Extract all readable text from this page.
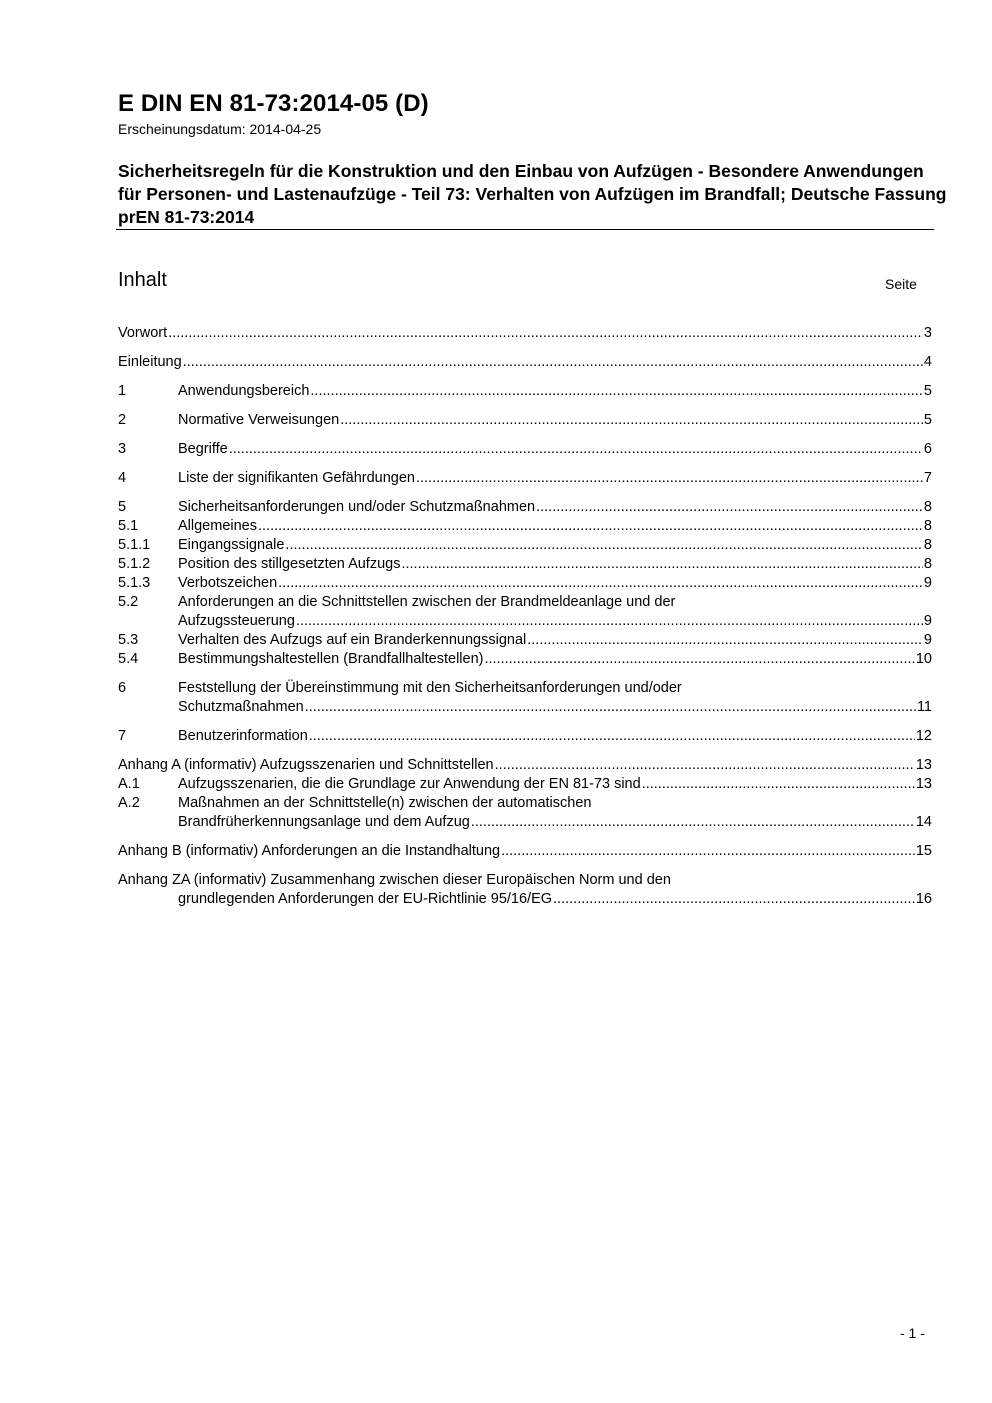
E DIN EN 81-73:2014-05 (D)
Erscheinungsdatum: 2014-04-25
Sicherheitsregeln für die Konstruktion und den Einbau von Aufzügen - Besondere Anwendungen für Personen- und Lastenaufzüge - Teil 73: Verhalten von Aufzügen im Brandfall; Deutsche Fassung prEN 81-73:2014
Inhalt	Seite
Vorwort .....	3
Einleitung .....	4
1	Anwendungsbereich .....	5
2	Normative Verweisungen .....	5
3	Begriffe .....	6
4	Liste der signifikanten Gefährdungen .....	7
5	Sicherheitsanforderungen und/oder Schutzmaßnahmen .....	8
5.1	Allgemeines .....	8
5.1.1	Eingangssignale .....	8
5.1.2	Position des stillgesetzten Aufzugs .....	8
5.1.3	Verbotszeichen .....	9
5.2	Anforderungen an die Schnittstellen zwischen der Brandmeldeanlage und der
Aufzugssteuerung .....	9
5.3	Verhalten des Aufzugs auf ein Branderkennungssignal .....	9
5.4	Bestimmungshaltestellen (Brandfallhaltestellen) .....	10
6	Feststellung der Übereinstimmung mit den Sicherheitsanforderungen und/oder
Schutzmaßnahmen .....	11
7	Benutzerinformation .....	12
Anhang A (informativ) Aufzugsszenarien und Schnittstellen .....	13
A.1	Aufzugsszenarien, die die Grundlage zur Anwendung der EN 81-73 sind .....	13
A.2	Maßnahmen an der Schnittstelle(n) zwischen der automatischen
Brandfrüherkennungsanlage und dem Aufzug .....	14
Anhang B (informativ) Anforderungen an die Instandhaltung .....	15
Anhang ZA (informativ) Zusammenhang zwischen dieser Europäischen Norm und den
grundlegenden Anforderungen der EU-Richtlinie 95/16/EG .....	16
- 1 -
